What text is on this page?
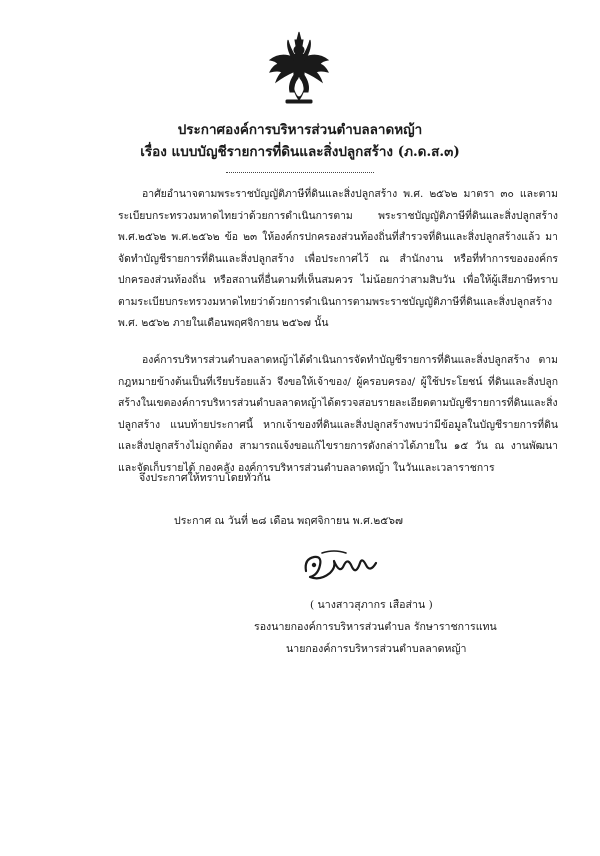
ประกาศองค์การบริหารส่วนตำบลลาดหญ้า
เรื่อง แบบบัญชีรายการที่ดินและสิ่งปลูกสร้าง (ภ.ด.ส.๓)

อาศัยอำนาจตามพระราชบัญญัติภาษีที่ดินและสิ่งปลูกสร้าง พ.ศ. ๒๕๖๒ มาตรา ๓๐ และตามระเบียบกระทรวงมหาดไทยว่าด้วยการดำเนินการตาม พระราชบัญญัติภาษีที่ดินและสิ่งปลูกสร้าง พ.ศ.๒๕๖๒ พ.ศ.๒๕๖๒ ข้อ ๒๓ ให้องค์กรปกครองส่วนท้องถิ่นที่สำรวจที่ดินและสิ่งปลูกสร้างแล้ว มาจัดทำบัญชีรายการที่ดินและสิ่งปลูกสร้าง เพื่อประกาศไว้ ณ สำนักงาน หรือที่ทำการขององค์กรปกครองส่วนท้องถิ่น หรือสถานที่อื่นตามที่เห็นสมควร ไม่น้อยกว่าสามสิบวัน เพื่อให้ผู้เสียภาษีทราบตามระเบียบกระทรวงมหาดไทยว่าด้วยการดำเนินการตามพระราชบัญญัติภาษีที่ดินและสิ่งปลูกสร้าง พ.ศ. ๒๕๖๒ ภายในเดือนพฤศจิกายน ๒๕๖๗ นั้น

องค์การบริหารส่วนตำบลลาดหญ้าได้ดำเนินการจัดทำบัญชีรายการที่ดินและสิ่งปลูกสร้าง ตามกฎหมายข้างต้นเป็นที่เรียบร้อยแล้ว จึงขอให้เจ้าของ/ ผู้ครอบครอง/ ผู้ใช้ประโยชน์ ที่ดินและสิ่งปลูกสร้างในเขตองค์การบริหารส่วนตำบลลาดหญ้าได้ตรวจสอบรายละเอียดตามบัญชีรายการที่ดินและสิ่งปลูกสร้าง แนบท้ายประกาศนี้ หากเจ้าของที่ดินและสิ่งปลูกสร้างพบว่ามีข้อมูลในบัญชีรายการที่ดินและสิ่งปลูกสร้างไม่ถูกต้อง สามารถแจ้งขอแก้ไขรายการดังกล่าวได้ภายใน ๑๕ วัน ณ งานพัฒนาและจัดเก็บรายได้ กองคลัง องค์การบริหารส่วนตำบลลาดหญ้า ในวันและเวลาราชการ

จึงประกาศให้ทราบโดยทั่วกัน
ประกาศ ณ วันที่ ๒๘ เดือน พฤศจิกายน พ.ศ.๒๕๖๗
( นางสาวสุภากร เสือส่าน )
รองนายกองค์การบริหารส่วนตำบล รักษาราชการแทน
นายกองค์การบริหารส่วนตำบลลาดหญ้า
